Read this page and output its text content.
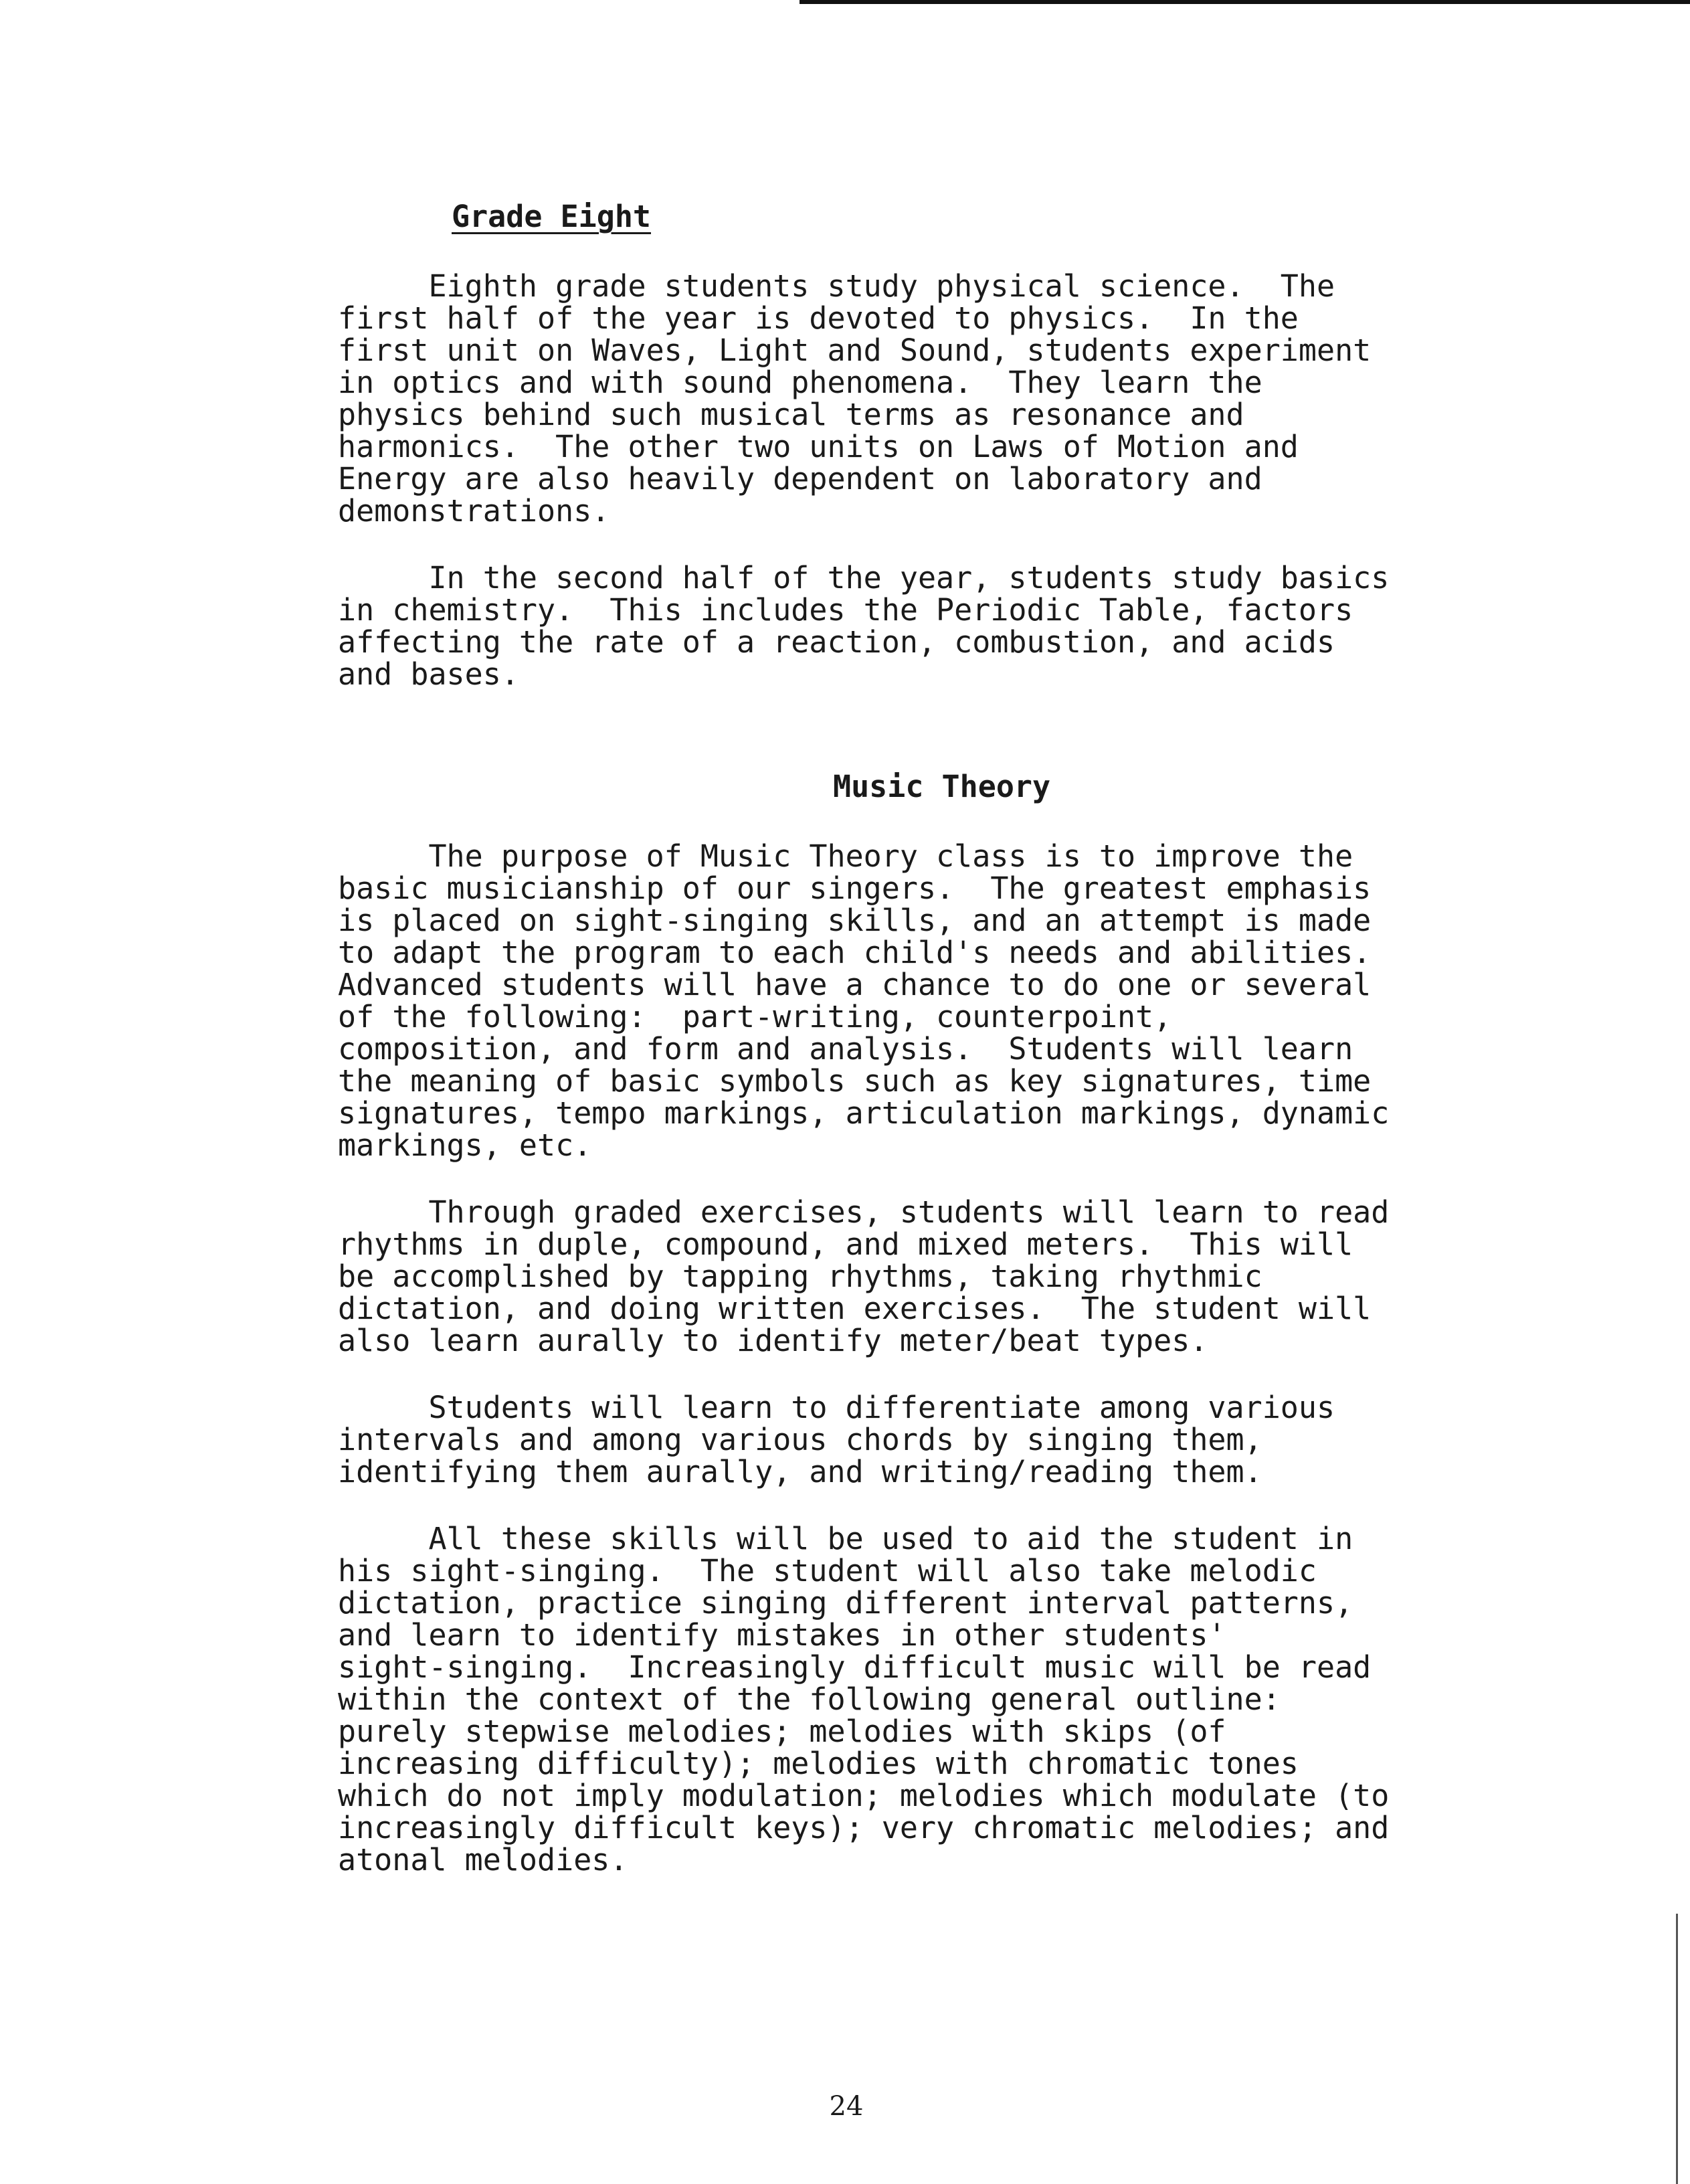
Grade Eight

Eighth grade students study physical science.  The
first half of the year is devoted to physics.  In the
first unit on Waves, Light and Sound, students experiment
in optics and with sound phenomena.  They learn the
physics behind such musical terms as resonance and
harmonics.  The other two units on Laws of Motion and
Energy are also heavily dependent on laboratory and
demonstrations.

In the second half of the year, students study basics
in chemistry.  This includes the Periodic Table, factors
affecting the rate of a reaction, combustion, and acids
and bases.

Music Theory

The purpose of Music Theory class is to improve the
basic musicianship of our singers.  The greatest emphasis
is placed on sight-singing skills, and an attempt is made
to adapt the program to each child's needs and abilities.
Advanced students will have a chance to do one or several
of the following:  part-writing, counterpoint,
composition, and form and analysis.  Students will learn
the meaning of basic symbols such as key signatures, time
signatures, tempo markings, articulation markings, dynamic
markings, etc.

Through graded exercises, students will learn to read
rhythms in duple, compound, and mixed meters.  This will
be accomplished by tapping rhythms, taking rhythmic
dictation, and doing written exercises.  The student will
also learn aurally to identify meter/beat types.

Students will learn to differentiate among various
intervals and among various chords by singing them,
identifying them aurally, and writing/reading them.

All these skills will be used to aid the student in
his sight-singing.  The student will also take melodic
dictation, practice singing different interval patterns,
and learn to identify mistakes in other students'
sight-singing.  Increasingly difficult music will be read
within the context of the following general outline:
purely stepwise melodies; melodies with skips (of
increasing difficulty); melodies with chromatic tones
which do not imply modulation; melodies which modulate (to
increasingly difficult keys); very chromatic melodies; and
atonal melodies.

24
